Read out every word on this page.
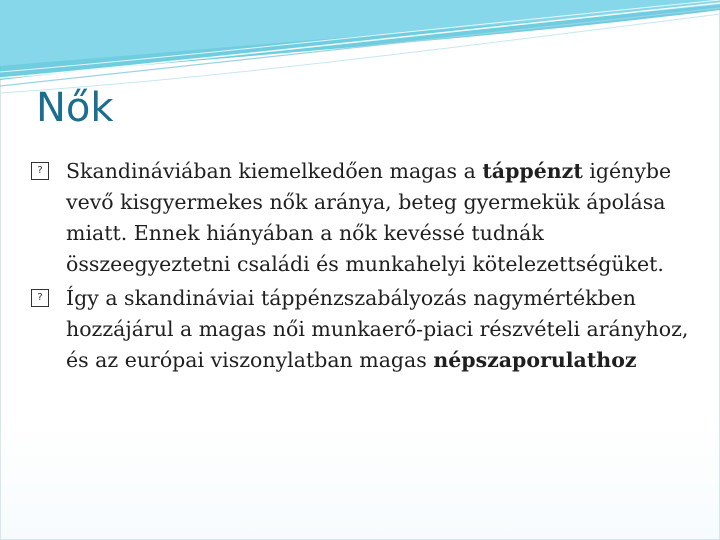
Nők

?	Skandináviában kiemelkedően magas a táppénzt igénybe vevő kisgyermekes nők aránya, beteg gyermekük ápolása miatt. Ennek hiányában a nők kevéssé tudnák összeegyeztetni családi és munkahelyi kötelezettségüket.

?	Így a skandináviai táppénzszabályozás nagymértékben hozzájárul a magas női munkaerő-piaci részvételi arányhoz, és az európai viszonylatban magas népszaporulathoz
